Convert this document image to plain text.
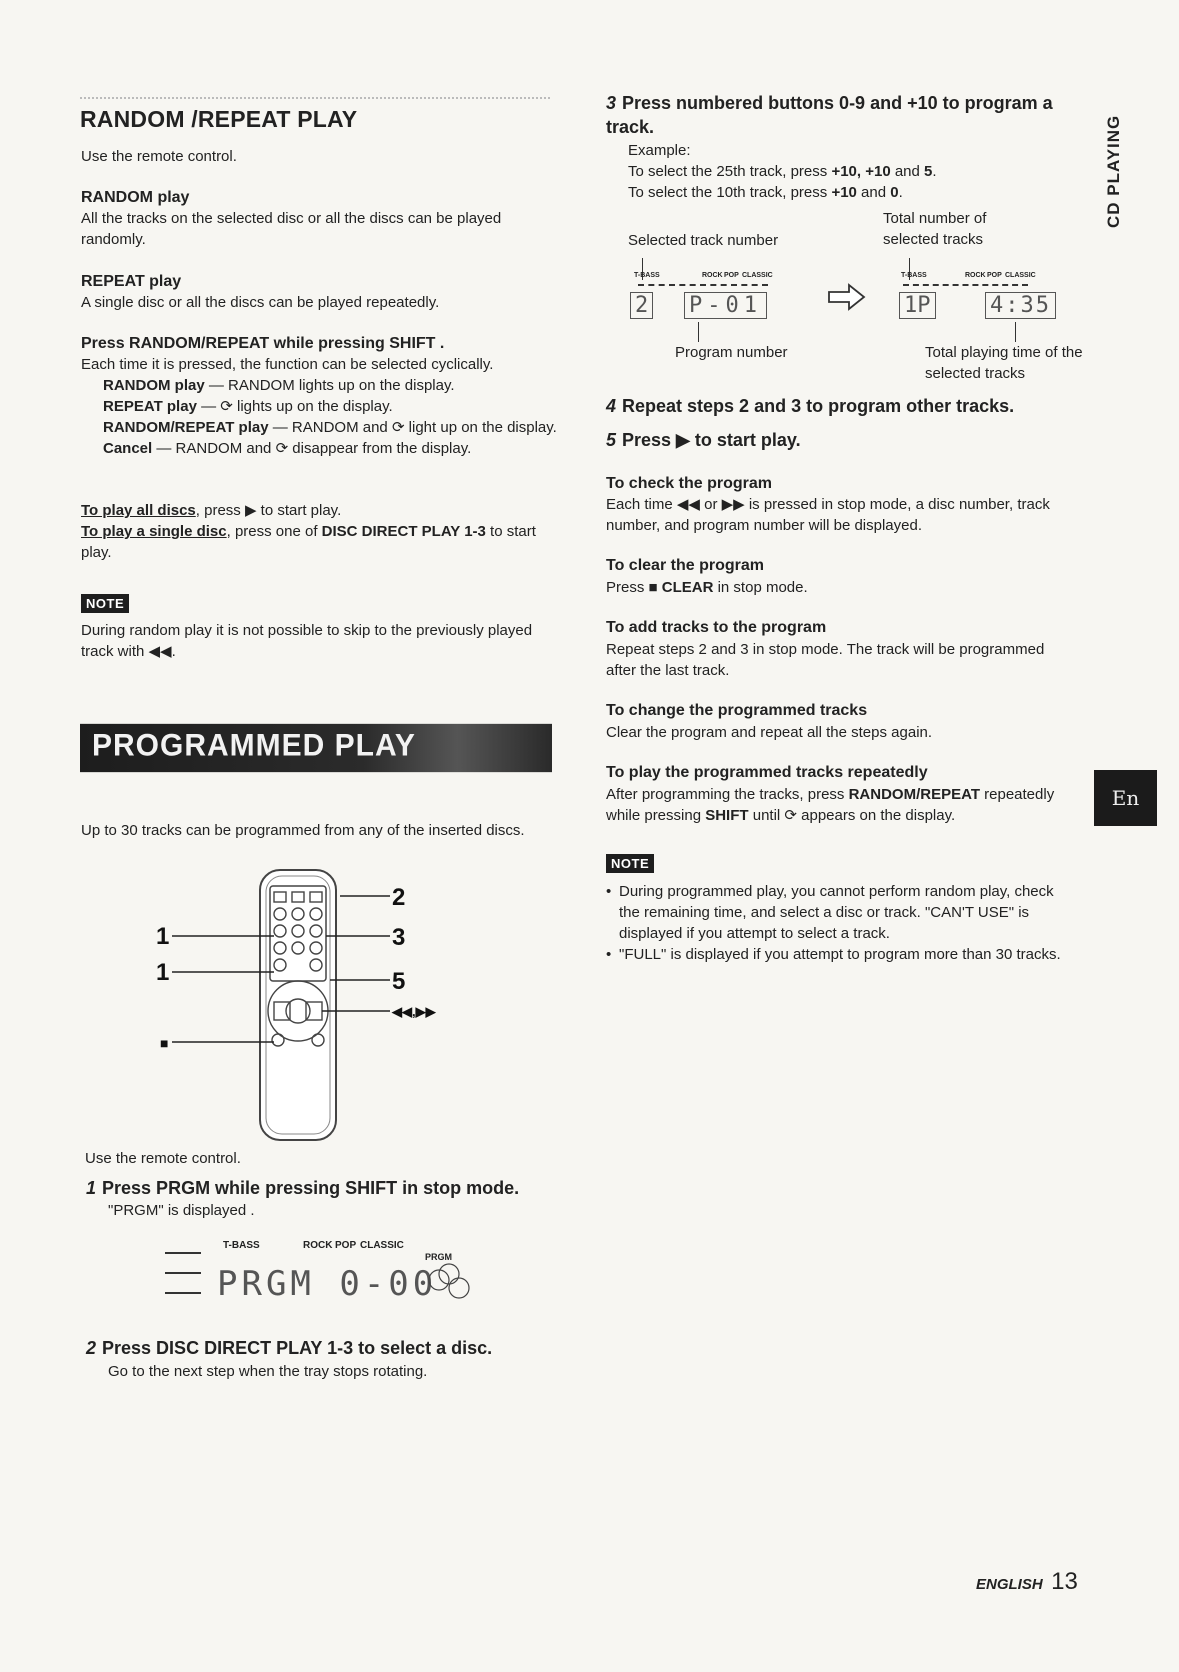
RANDOM /REPEAT PLAY
Use the remote control.
RANDOM play
All the tracks on the selected disc or all the discs can be played randomly.
REPEAT play
A single disc or all the discs can be played repeatedly.
Press RANDOM/REPEAT while pressing SHIFT .
Each time it is pressed, the function can be selected cyclically.
RANDOM play — RANDOM lights up on the display.
REPEAT play — ⟳ lights up on the display.
RANDOM/REPEAT play — RANDOM and ⟳ light up on the display.
Cancel — RANDOM and ⟳ disappear from the display.
To play all discs, press ▶ to start play.
To play a single disc, press one of DISC DIRECT PLAY 1-3 to start play.
NOTE
During random play it is not possible to skip to the previously played track with ◀◀.
PROGRAMMED PLAY
Up to 30 tracks can be programmed from any of the inserted discs.
2
3
5
◀◀,▶▶
1
1
■
Use the remote control.
1 Press PRGM while pressing SHIFT in stop mode.
"PRGM" is displayed .
T-BASS	ROCK POP CLASSIC
PRGM
PRGM 0-00
2 Press DISC DIRECT PLAY 1-3 to select a disc.
Go to the next step when the tray stops rotating.
3 Press numbered buttons 0-9 and +10 to program a track.
Example:
To select the 25th track, press +10, +10 and 5.
To select the 10th track, press +10 and 0.
Total number of selected tracks
Selected track number
T-BASS	ROCK POP CLASSIC
2 P-01
T-BASS	ROCK POP CLASSIC
1P	4:35
Program number	Total playing time of the selected tracks
4 Repeat steps 2 and 3 to program other tracks.
5 Press ▶ to start play.
To check the program
Each time ◀◀ or ▶▶ is pressed in stop mode, a disc number, track number, and program number will be displayed.
To clear the program
Press ■ CLEAR in stop mode.
To add tracks to the program
Repeat steps 2 and 3 in stop mode. The track will be programmed after the last track.
To change the programmed tracks
Clear the program and repeat all the steps again.
To play the programmed tracks repeatedly
After programming the tracks, press RANDOM/REPEAT repeatedly while pressing SHIFT until ⟳ appears on the display.
NOTE
• During programmed play, you cannot perform random play, check the remaining time, and select a disc or track. "CAN'T USE" is displayed if you attempt to select a track.
• "FULL" is displayed if you attempt to program more than 30 tracks.
CD PLAYING
En
ENGLISH 13
